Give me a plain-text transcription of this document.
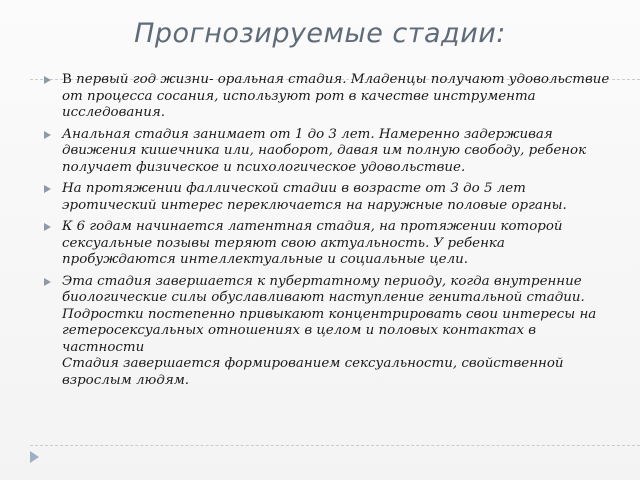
Прогнозируемые стадии:
В первый год жизни- оральная стадия. Младенцы получают удовольствие от процесса сосания, используют рот в качестве инструмента исследования.
Анальная стадия занимает от 1 до 3 лет. Намеренно задерживая движения кишечника или, наоборот, давая им полную свободу, ребенок получает физическое и психологическое удовольствие.
На протяжении фаллической стадии в возрасте от 3 до 5 лет эротический интерес переключается на наружные половые органы.
К 6 годам начинается латентная стадия, на протяжении которой сексуальные позывы теряют свою актуальность. У ребенка пробуждаются интеллектуальные и социальные цели.
Эта стадия завершается к пубертатному периоду, когда внутренние биологические силы обуславливают наступление генитальной стадии. Подростки постепенно привыкают концентрировать свои интересы на гетеросексуальных отношениях в целом и половых контактах в частности
Стадия завершается формированием сексуальности, свойственной взрослым людям.
